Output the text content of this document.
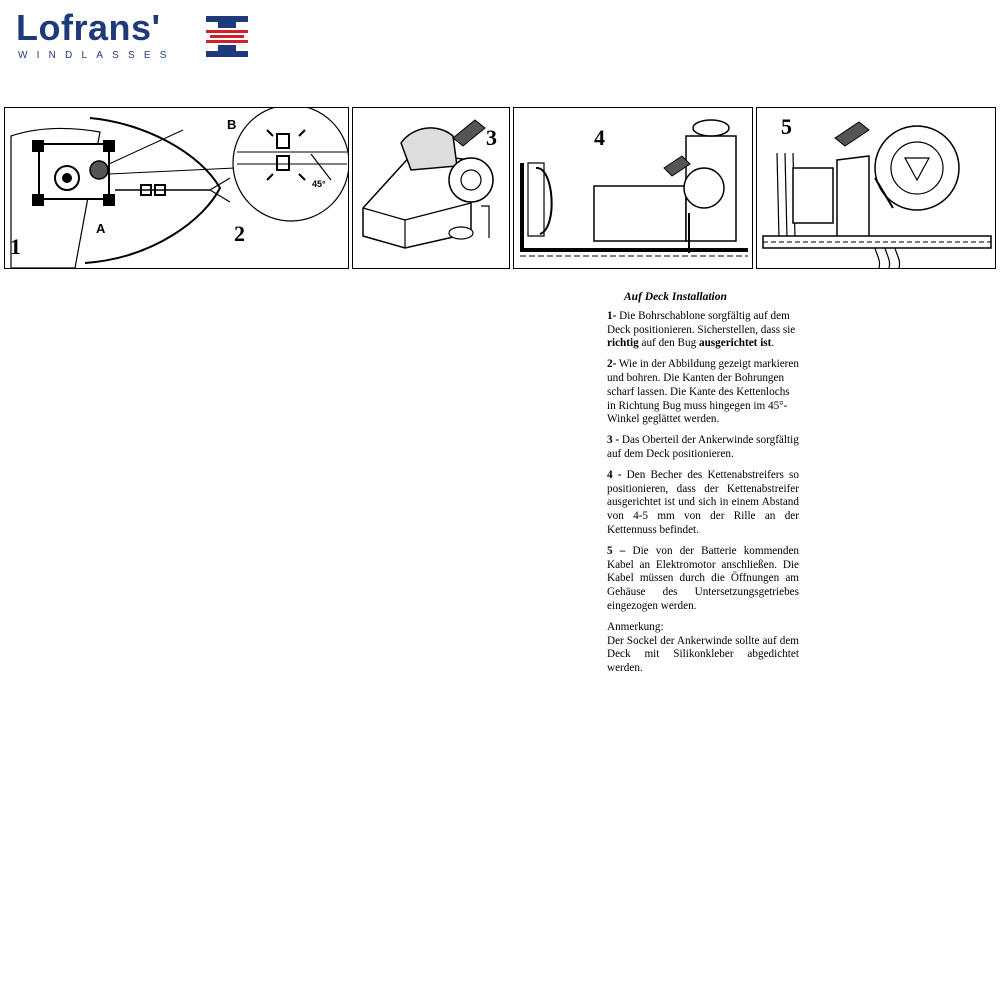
Lofrans'
WINDLASSES
1
A	2
B
45°
3	4	5
Auf Deck Installation

1- Die Bohrschablone sorgfältig auf dem Deck positionieren. Sicherstellen, dass sie richtig auf den Bug ausgerichtet ist.

2- Wie in der Abbildung gezeigt markieren und bohren. Die Kanten der Bohrungen scharf lassen. Die Kante des Kettenlochs in Richtung Bug muss hingegen im 45°-Winkel geglättet werden.

3 - Das Oberteil der Ankerwinde sorgfältig auf dem Deck positionieren.

4 - Den Becher des Kettenabstreifers so positionieren, dass der Kettenabstreifer ausgerichtet ist und sich in einem Abstand von 4-5 mm von der Rille an der Kettennuss befindet.

5 – Die von der Batterie kommenden Kabel an Elektromotor anschließen. Die Kabel müssen durch die Öffnungen am Gehäuse des Untersetzungsgetriebes eingezogen werden.

Anmerkung:
Der Sockel der Ankerwinde sollte auf dem Deck mit Silikonkleber abgedichtet werden.
